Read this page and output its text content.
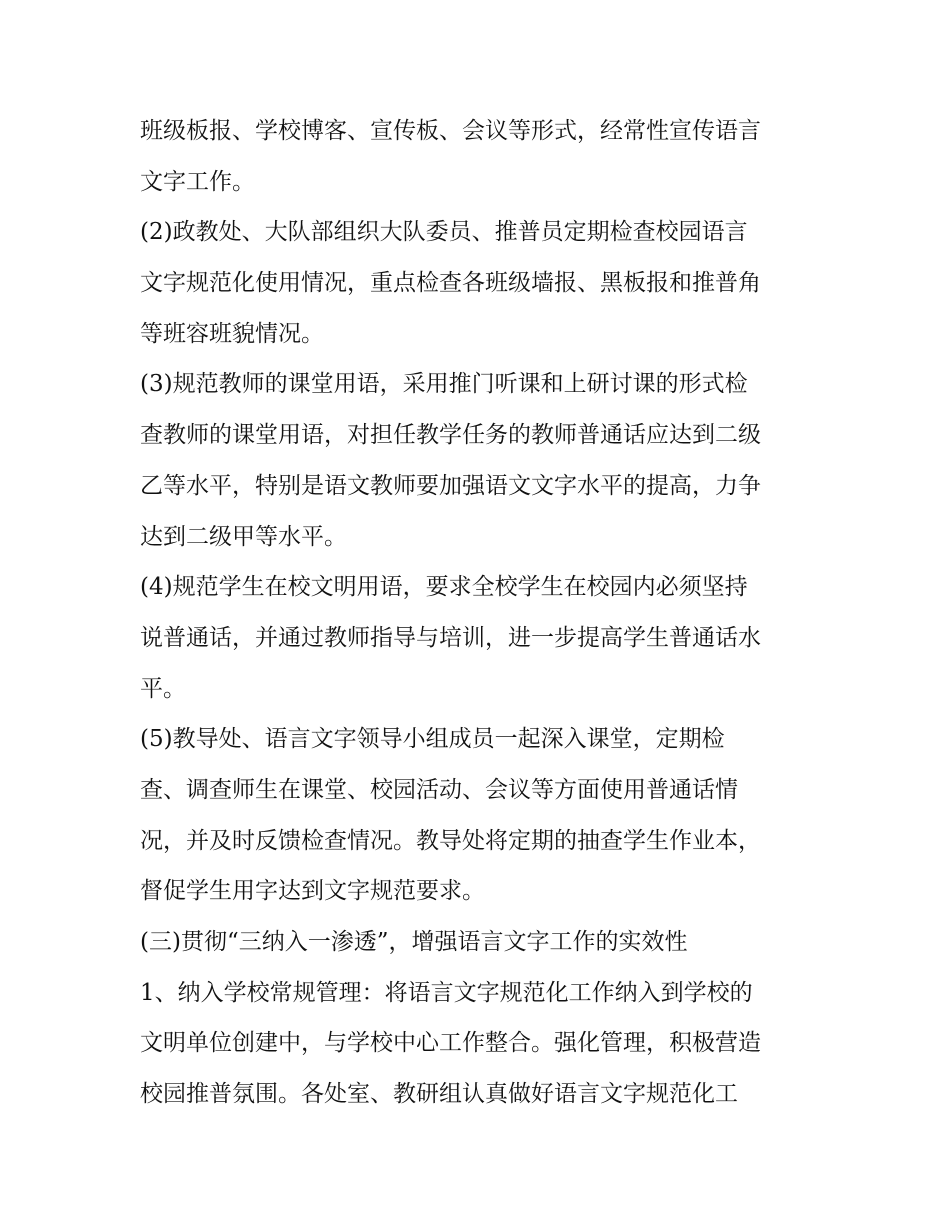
班级板报、学校博客、宣传板、会议等形式，经常性宣传语言
文字工作。
(2)政教处、大队部组织大队委员、推普员定期检查校园语言
文字规范化使用情况，重点检查各班级墙报、黑板报和推普角
等班容班貌情况。
(3)规范教师的课堂用语，采用推门听课和上研讨课的形式检
查教师的课堂用语，对担任教学任务的教师普通话应达到二级
乙等水平，特别是语文教师要加强语文文字水平的提高，力争
达到二级甲等水平。
(4)规范学生在校文明用语，要求全校学生在校园内必须坚持
说普通话，并通过教师指导与培训，进一步提高学生普通话水
平。
(5)教导处、语言文字领导小组成员一起深入课堂，定期检
查、调查师生在课堂、校园活动、会议等方面使用普通话情
况，并及时反馈检查情况。教导处将定期的抽查学生作业本，
督促学生用字达到文字规范要求。
(三)贯彻“三纳入一渗透”，增强语言文字工作的实效性
1、纳入学校常规管理：将语言文字规范化工作纳入到学校的
文明单位创建中，与学校中心工作整合。强化管理，积极营造
校园推普氛围。各处室、教研组认真做好语言文字规范化工
